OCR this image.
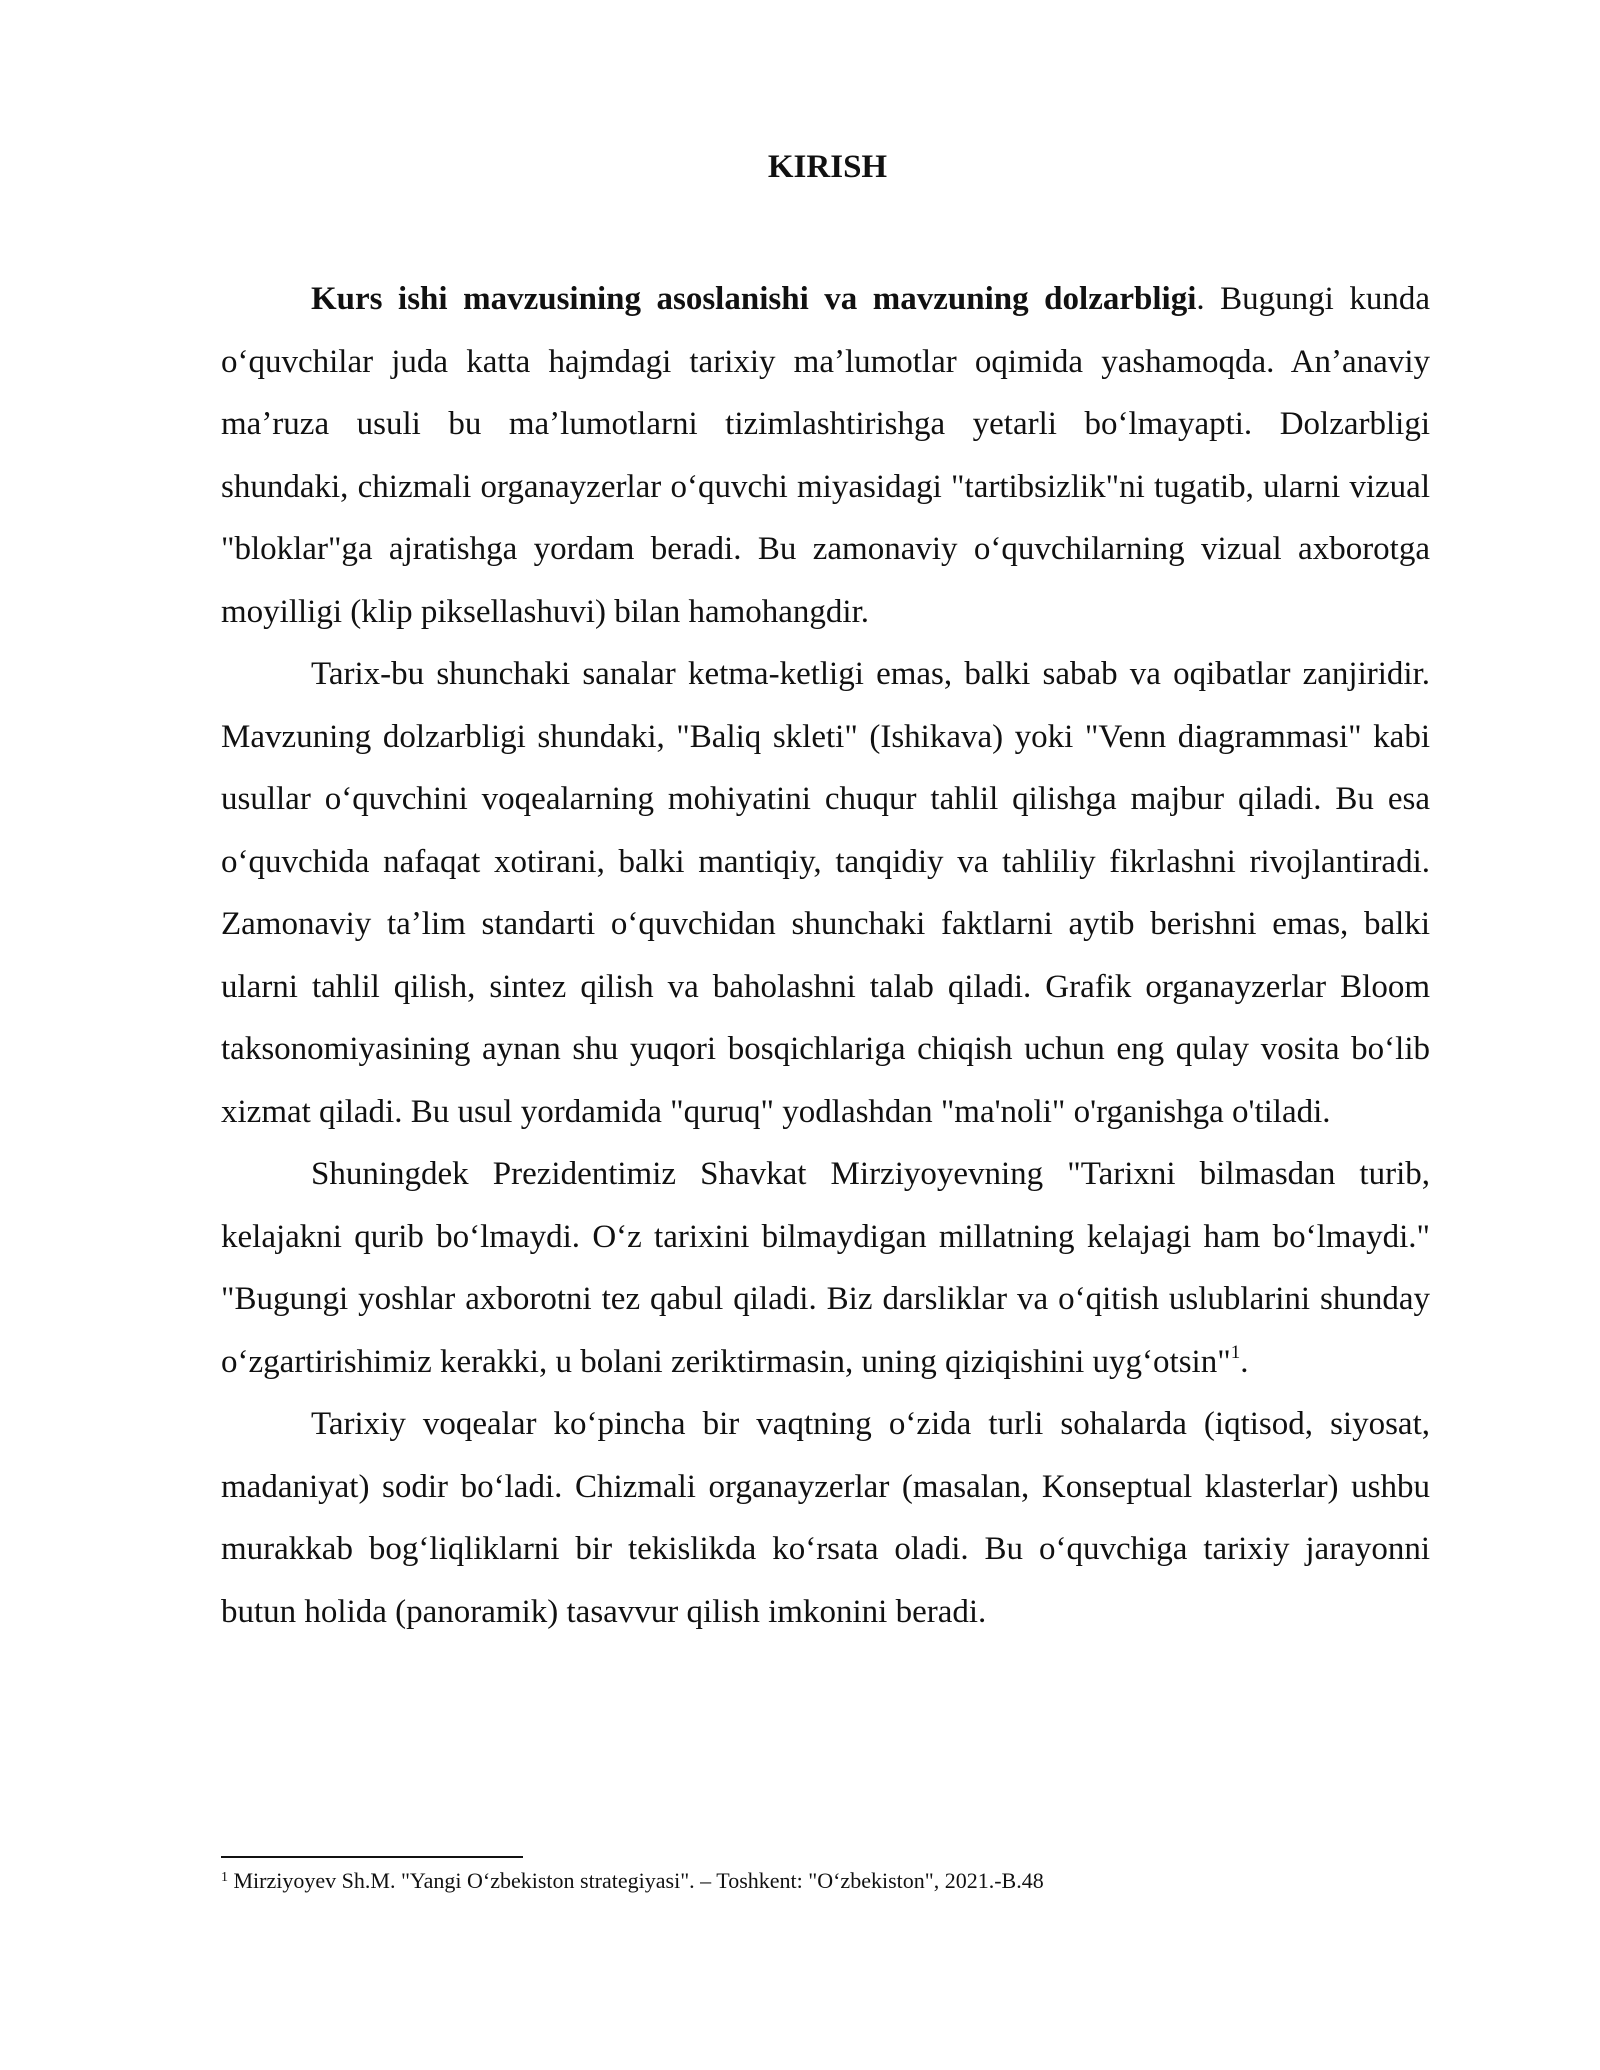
KIRISH

Kurs ishi mavzusining asoslanishi va mavzuning dolzarbligi. Bugungi kunda oʻquvchilar juda katta hajmdagi tarixiy maʼlumotlar oqimida yashamoqda. Anʼanaviy maʼruza usuli bu maʼlumotlarni tizimlashtirishga yetarli boʻlmayapti. Dolzarbligi shundaki, chizmali organayzerlar oʻquvchi miyasidagi "tartibsizlik"ni tugatib, ularni vizual "bloklar"ga ajratishga yordam beradi. Bu zamonaviy oʻquvchilarning vizual axborotga moyilligi (klip piksellashuvi) bilan hamohangdir.

Tarix-bu shunchaki sanalar ketma-ketligi emas, balki sabab va oqibatlar zanjiridir. Mavzuning dolzarbligi shundaki, "Baliq skleti" (Ishikava) yoki "Venn diagrammasi" kabi usullar oʻquvchini voqealarning mohiyatini chuqur tahlil qilishga majbur qiladi. Bu esa oʻquvchida nafaqat xotirani, balki mantiqiy, tanqidiy va tahliliy fikrlashni rivojlantiradi. Zamonaviy taʼlim standarti oʻquvchidan shunchaki faktlarni aytib berishni emas, balki ularni tahlil qilish, sintez qilish va baholashni talab qiladi. Grafik organayzerlar Bloom taksonomiyasining aynan shu yuqori bosqichlariga chiqish uchun eng qulay vosita boʻlib xizmat qiladi. Bu usul yordamida "quruq" yodlashdan "ma'noli" o'rganishga o'tiladi.

Shuningdek Prezidentimiz Shavkat Mirziyoyevning "Tarixni bilmasdan turib, kelajakni qurib boʻlmaydi. Oʻz tarixini bilmaydigan millatning kelajagi ham boʻlmaydi." "Bugungi yoshlar axborotni tez qabul qiladi. Biz darsliklar va oʻqitish uslublarini shunday oʻzgartirishimiz kerakki, u bolani zeriktirmasin, uning qiziqishini uygʻotsin"$^1$.

Tarixiy voqealar koʻpincha bir vaqtning oʻzida turli sohalarda (iqtisod, siyosat, madaniyat) sodir boʻladi. Chizmali organayzerlar (masalan, Konseptual klasterlar) ushbu murakkab bogʻliqliklarni bir tekislikda koʻrsata oladi. Bu oʻquvchiga tarixiy jarayonni butun holida (panoramik) tasavvur qilish imkonini beradi.

$^1$ Mirziyoyev Sh.M. "Yangi Oʻzbekiston strategiyasi". – Toshkent: "Oʻzbekiston", 2021.-B.48
